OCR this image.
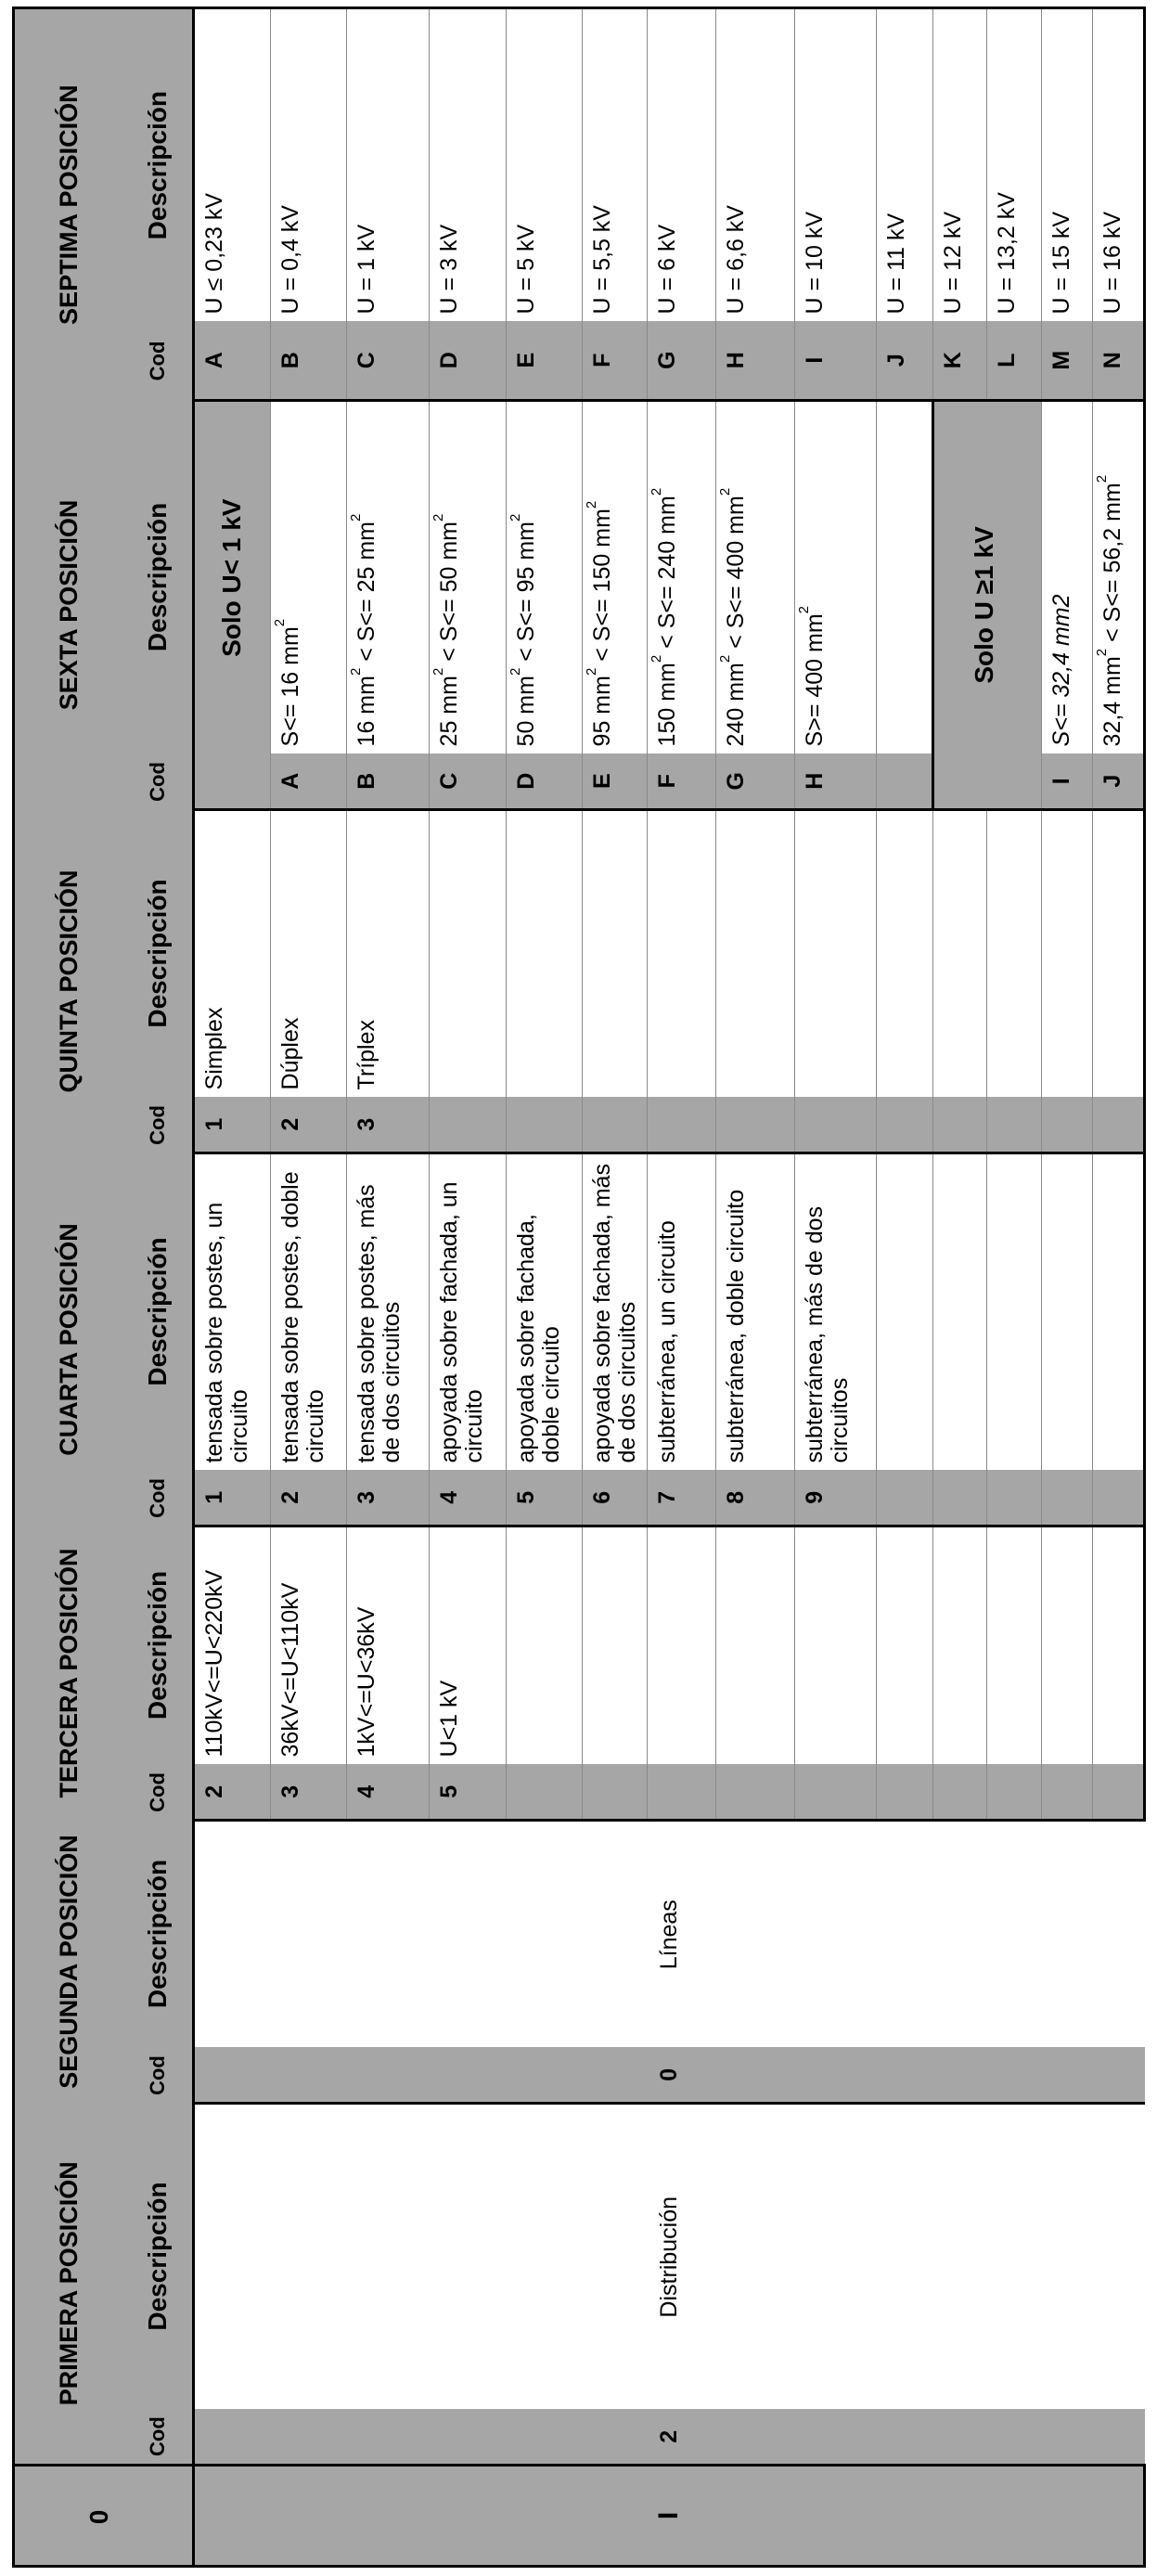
	PRIMERA POSICIÓN		SEGUNDA POSICIÓN		TERCERA POSICIÓN		CUARTA POSICIÓN		QUINTA POSICIÓN		SEXTA POSICIÓN		SEPTIMA POSICIÓN	
	Cod	Descripción	Cod	Descripción	Cod	Descripción	Cod	Descripción	Cod	Descripción	Cod	Descripción	Cod	Descripción
I	2	Distribución	0	Líneas	2	110kV<=U<220kV	1	tensada sobre postes, un circuito	1	Simplex		Solo U< 1 kV	A	U ≤ 0,23 kV
					3	36kV<=U<110kV	2	tensada sobre postes, doble circuito	2	Dúplex	A	S<= 16 $mm^2$	B	U = 0,4 kV
					4	1kV<=U<36kV	3	tensada sobre postes, más de dos circuitos	3	Tríplex	B	16 $mm^2 < S<= 25$ $mm^2$	C	U = 1 kV
					5	U<1 kV	4	apoyada sobre fachada, un circuito			C	25 $mm^2 < S<= 50$ $mm^2$	D	U = 3 kV
							5	apoyada sobre fachada, doble circuito			D	50 $mm^2 < S<= 95$ $mm^2$	E	U = 5 kV
							6	apoyada sobre fachada, más de dos circuitos			E	95 $mm^2 < S<= 150$ $mm^2$	F	U = 5,5 kV
							7	subterránea, un circuito			F	150 $mm^2 < S<= 240$ $mm^2$	G	U = 6 kV
							8	subterránea, doble circuito			G	240 $mm^2 < S<= 400$ $mm^2$	H	U = 6,6 kV
							9	subterránea, más de dos circuitos			H	S>= 400 $mm^2$	I	U = 10 kV
													J	U = 11 kV

											Solo U ≥1 kV		K	U = 12 kV
													L	U = 13,2 kV
											I	S<= 32,4 mm2	M	U = 15 kV
											J	32,4 $mm^2 < S<= 56,2$ $mm^2$	N	U = 16 kV
0
